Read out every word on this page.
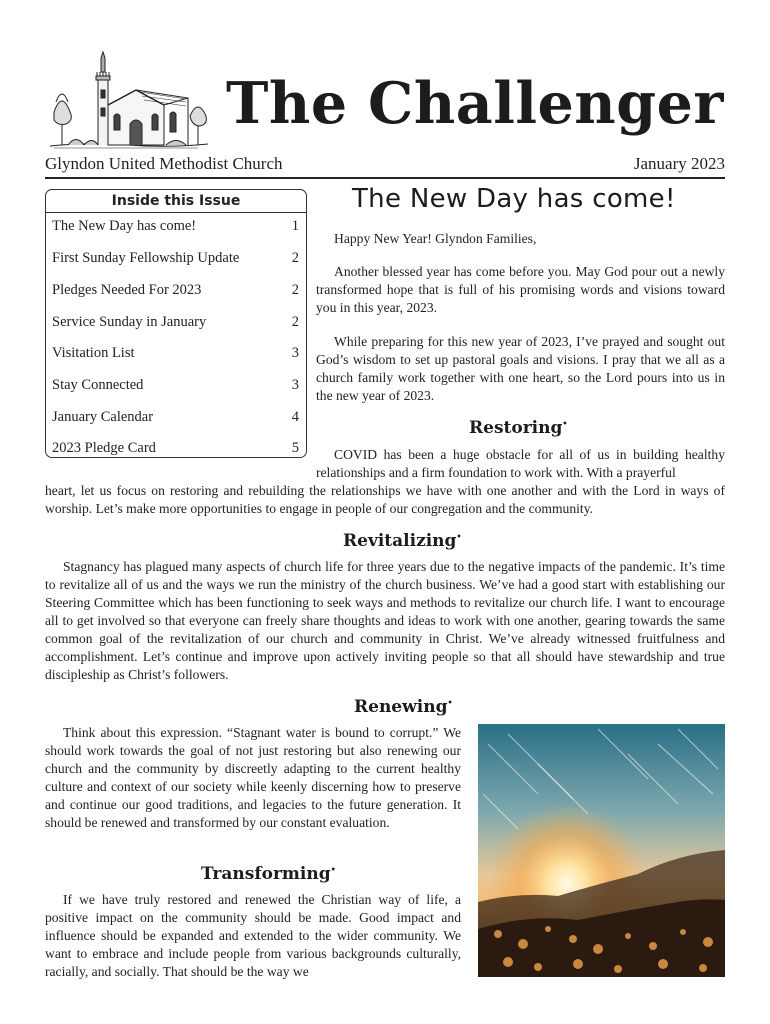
The Challenger
Glyndon United Methodist Church	January 2023
Inside this Issue
The New Day has come!	1
First Sunday Fellowship Update	2
Pledges Needed For 2023	2
Service Sunday in January	2
Visitation List	3
Stay Connected	3
January Calendar	4
2023 Pledge Card	5
The New Day has come!
Happy New Year! Glyndon Families,
Another blessed year has come before you. May God pour out a newly transformed hope that is full of his promising words and visions toward you in this year, 2023.
While preparing for this new year of 2023, I’ve prayed and sought out God’s wisdom to set up pastoral goals and visions. I pray that we all as a church family work together with one heart, so the Lord pours into us in the new year of 2023.
Restoring•
COVID has been a huge obstacle for all of us in building healthy relationships and a firm foundation to work with. With a prayerful
heart, let us focus on restoring and rebuilding the relationships we have with one another and with the Lord in ways of worship. Let’s make more opportunities to engage in people of our congregation and the community.
Revitalizing•
Stagnancy has plagued many aspects of church life for three years due to the negative impacts of the pandemic. It’s time to revitalize all of us and the ways we run the ministry of the church business. We’ve had a good start with establishing our Steering Committee which has been functioning to seek ways and methods to revitalize our church life. I want to encourage all to get involved so that everyone can freely share thoughts and ideas to work with one another, gearing towards the same common goal of the revitalization of our church and community in Christ. We’ve already witnessed fruitfulness and accomplishment. Let’s continue and improve upon actively inviting people so that all should have stewardship and true discipleship as Christ’s followers.
Renewing•
Think about this expression. “Stagnant water is bound to corrupt.” We should work towards the goal of not just restoring but also renewing our church and the community by discreetly adapting to the current healthy culture and context of our society while keenly discerning how to preserve and continue our good traditions, and legacies to the future generation. It should be renewed and transformed by our constant evaluation.
Transforming•
If we have truly restored and renewed the Christian way of life, a positive impact on the community should be made. Good impact and influence should be expanded and extended to the wider community. We want to embrace and include people from various backgrounds culturally, racially, and socially. That should be the way we
